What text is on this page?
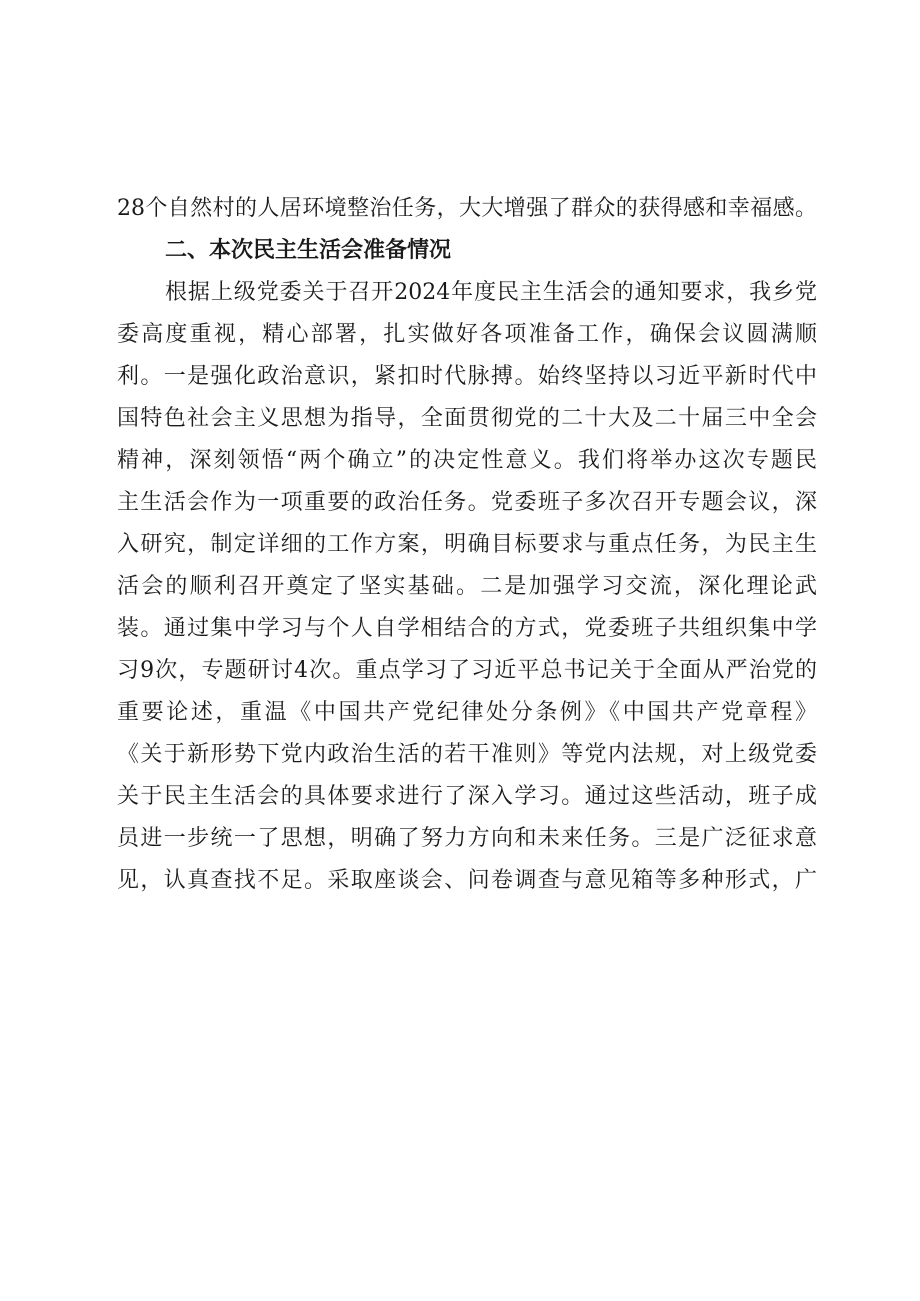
28个自然村的人居环境整治任务，大大增强了群众的获得感和幸福感。
二、本次民主生活会准备情况
根据上级党委关于召开2024年度民主生活会的通知要求，我乡党
委高度重视，精心部署，扎实做好各项准备工作，确保会议圆满顺
利。一是强化政治意识，紧扣时代脉搏。始终坚持以习近平新时代中
国特色社会主义思想为指导，全面贯彻党的二十大及二十届三中全会
精神，深刻领悟“两个确立”的决定性意义。我们将举办这次专题民
主生活会作为一项重要的政治任务。党委班子多次召开专题会议，深
入研究，制定详细的工作方案，明确目标要求与重点任务，为民主生
活会的顺利召开奠定了坚实基础。二是加强学习交流，深化理论武
装。通过集中学习与个人自学相结合的方式，党委班子共组织集中学
习9次，专题研讨4次。重点学习了习近平总书记关于全面从严治党的
重要论述，重温《中国共产党纪律处分条例》《中国共产党章程》
《关于新形势下党内政治生活的若干准则》等党内法规，对上级党委
关于民主生活会的具体要求进行了深入学习。通过这些活动，班子成
员进一步统一了思想，明确了努力方向和未来任务。三是广泛征求意
见，认真查找不足。采取座谈会、问卷调查与意见箱等多种形式，广
